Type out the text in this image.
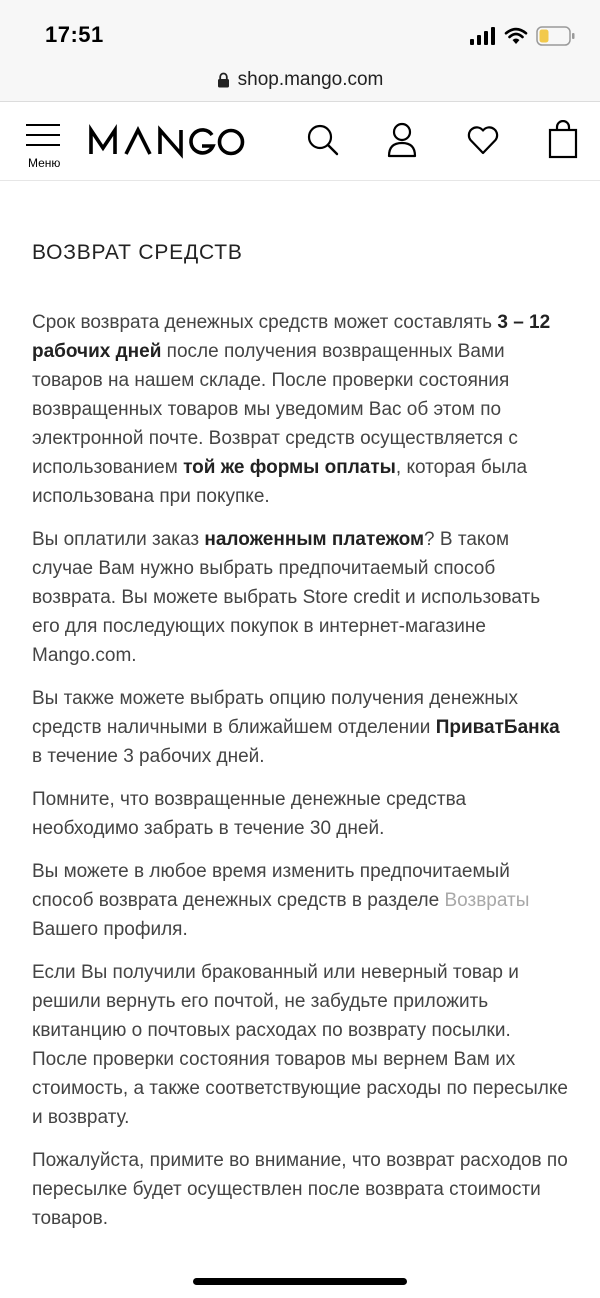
17:51
shop.mango.com
Меню
ВОЗВРАТ СРЕДСТВ

Срок возврата денежных средств может составлять 3 – 12 рабочих дней после получения возвращенных Вами товаров на нашем складе. После проверки состояния возвращенных товаров мы уведомим Вас об этом по электронной почте. Возврат средств осуществляется с использованием той же формы оплаты, которая была использована при покупке.

Вы оплатили заказ наложенным платежом? В таком случае Вам нужно выбрать предпочитаемый способ возврата. Вы можете выбрать Store credit и использовать его для последующих покупок в интернет-магазине Mango.com.

Вы также можете выбрать опцию получения денежных средств наличными в ближайшем отделении ПриватБанка в течение 3 рабочих дней.

Помните, что возвращенные денежные средства необходимо забрать в течение 30 дней.

Вы можете в любое время изменить предпочитаемый способ возврата денежных средств в разделе Возвраты Вашего профиля.

Если Вы получили бракованный или неверный товар и решили вернуть его почтой, не забудьте приложить квитанцию о почтовых расходах по возврату посылки. После проверки состояния товаров мы вернем Вам их стоимость, а также соответствующие расходы по пересылке и возврату.

Пожалуйста, примите во внимание, что возврат расходов по пересылке будет осуществлен после возврата стоимости товаров.
